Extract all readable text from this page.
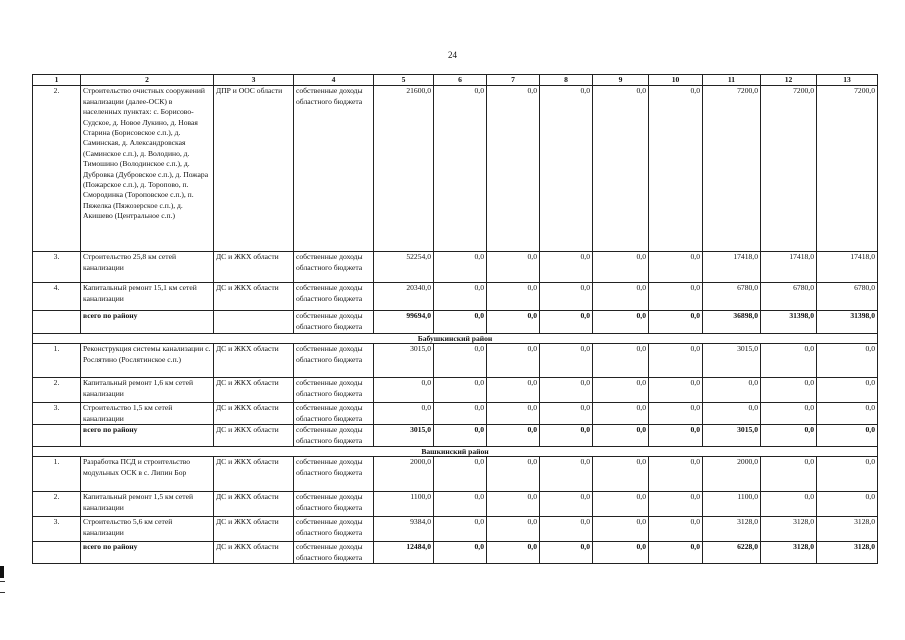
24
1	2	3	4	5	6	7	8	9	10	11	12	13
2.	Строительство очистных сооружений канализации (далее-ОСК) в населенных пунктах: с. Борисово-Судское, д. Новое Лукино, д. Новая Старина (Борисовское с.п.), д. Саминская, д. Александровская (Саминское с.п.), д. Володино, д. Тимошино (Володинское с.п.), д. Дубровка (Дубровское с.п.), д. Пожара (Пожарское с.п.), д. Торопово, п. Смородинка (Тороповское с.п.), п. Пяжелка (Пяжозерское с.п.), д. Акишево (Центральное с.п.)	ДПР и ООС области	собственные доходы областного бюджета	21600,0	0,0	0,0	0,0	0,0	0,0	7200,0	7200,0	7200,0
3.	Строительство 25,8 км сетей канализации	ДС и ЖКХ области	собственные доходы областного бюджета	52254,0	0,0	0,0	0,0	0,0	0,0	17418,0	17418,0	17418,0
4.	Капитальный ремонт 15,1 км сетей канализации	ДС и ЖКХ области	собственные доходы областного бюджета	20340,0	0,0	0,0	0,0	0,0	0,0	6780,0	6780,0	6780,0
	всего по району		собственные доходы областного бюджета	99694,0	0,0	0,0	0,0	0,0	0,0	36898,0	31398,0	31398,0
Бабушкинский район												
1.	Реконструкция системы канализации с. Рослятино (Рослятинское с.п.)	ДС и ЖКХ области	собственные доходы областного бюджета	3015,0	0,0	0,0	0,0	0,0	0,0	3015,0	0,0	0,0
2.	Капитальный ремонт 1,6 км сетей канализации	ДС и ЖКХ области	собственные доходы областного бюджета	0,0	0,0	0,0	0,0	0,0	0,0	0,0	0,0	0,0
3.	Строительство 1,5 км сетей канализации	ДС и ЖКХ области	собственные доходы областного бюджета	0,0	0,0	0,0	0,0	0,0	0,0	0,0	0,0	0,0
	всего по району	ДС и ЖКХ области	собственные доходы областного бюджета	3015,0	0,0	0,0	0,0	0,0	0,0	3015,0	0,0	0,0
Вашкинский район												
1.	Разработка ПСД и строительство модульных ОСК в с. Липин Бор	ДС и ЖКХ области	собственные доходы областного бюджета	2000,0	0,0	0,0	0,0	0,0	0,0	2000,0	0,0	0,0
2.	Капитальный ремонт 1,5 км сетей канализации	ДС и ЖКХ области	собственные доходы областного бюджета	1100,0	0,0	0,0	0,0	0,0	0,0	1100,0	0,0	0,0
3.	Строительство 5,6 км сетей канализации	ДС и ЖКХ области	собственные доходы областного бюджета	9384,0	0,0	0,0	0,0	0,0	0,0	3128,0	3128,0	3128,0
	всего по району	ДС и ЖКХ области	собственные доходы областного бюджета	12484,0	0,0	0,0	0,0	0,0	0,0	6228,0	3128,0	3128,0
